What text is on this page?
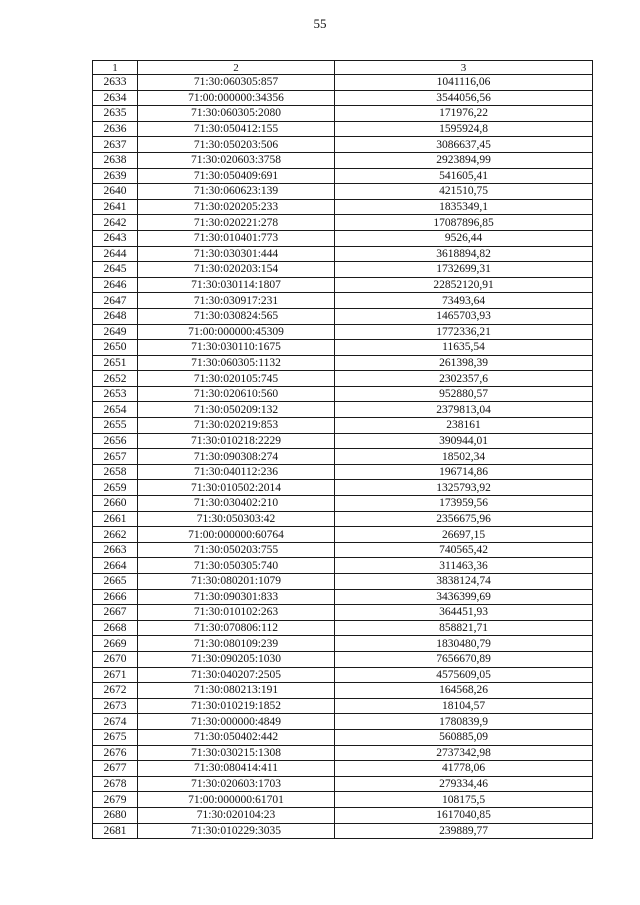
55
1	2	3
2633	71:30:060305:857	1041116,06
2634	71:00:000000:34356	3544056,56
2635	71:30:060305:2080	171976,22
2636	71:30:050412:155	1595924,8
2637	71:30:050203:506	3086637,45
2638	71:30:020603:3758	2923894,99
2639	71:30:050409:691	541605,41
2640	71:30:060623:139	421510,75
2641	71:30:020205:233	1835349,1
2642	71:30:020221:278	17087896,85
2643	71:30:010401:773	9526,44
2644	71:30:030301:444	3618894,82
2645	71:30:020203:154	1732699,31
2646	71:30:030114:1807	22852120,91
2647	71:30:030917:231	73493,64
2648	71:30:030824:565	1465703,93
2649	71:00:000000:45309	1772336,21
2650	71:30:030110:1675	11635,54
2651	71:30:060305:1132	261398,39
2652	71:30:020105:745	2302357,6
2653	71:30:020610:560	952880,57
2654	71:30:050209:132	2379813,04
2655	71:30:020219:853	238161
2656	71:30:010218:2229	390944,01
2657	71:30:090308:274	18502,34
2658	71:30:040112:236	196714,86
2659	71:30:010502:2014	1325793,92
2660	71:30:030402:210	173959,56
2661	71:30:050303:42	2356675,96
2662	71:00:000000:60764	26697,15
2663	71:30:050203:755	740565,42
2664	71:30:050305:740	311463,36
2665	71:30:080201:1079	3838124,74
2666	71:30:090301:833	3436399,69
2667	71:30:010102:263	364451,93
2668	71:30:070806:112	858821,71
2669	71:30:080109:239	1830480,79
2670	71:30:090205:1030	7656670,89
2671	71:30:040207:2505	4575609,05
2672	71:30:080213:191	164568,26
2673	71:30:010219:1852	18104,57
2674	71:30:000000:4849	1780839,9
2675	71:30:050402:442	560885,09
2676	71:30:030215:1308	2737342,98
2677	71:30:080414:411	41778,06
2678	71:30:020603:1703	279334,46
2679	71:00:000000:61701	108175,5
2680	71:30:020104:23	1617040,85
2681	71:30:010229:3035	239889,77
